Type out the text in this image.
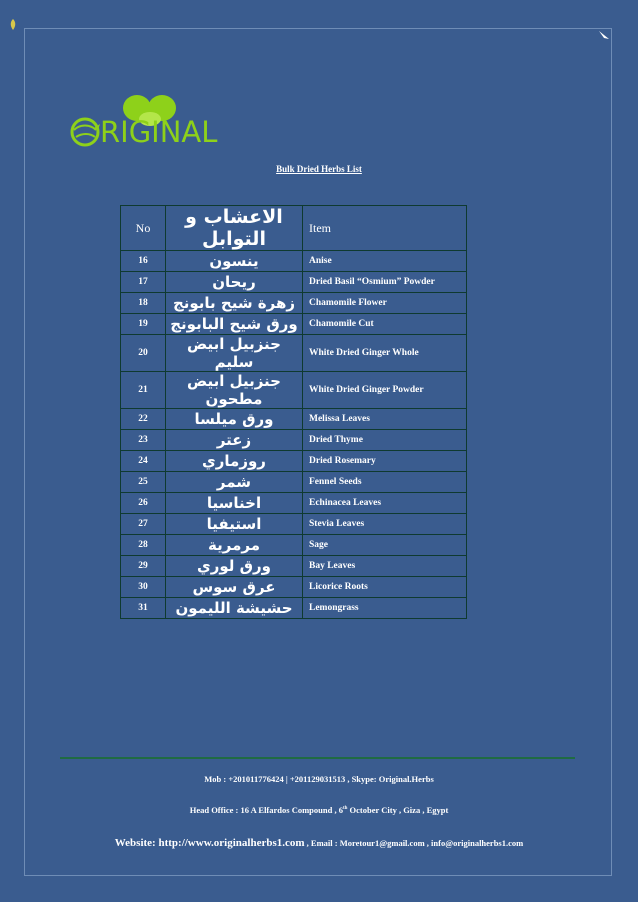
RIGINAL
Bulk Dried Herbs List
No	الاعشاب و التوابل	Item
16	ينسون	Anise
17	ريحان	Dried Basil “Osmium” Powder
18	زهرة شيح بابونج	Chamomile Flower
19	ورق شيح البابونج	Chamomile Cut
20	جنزبيل ابيض سليم	White Dried Ginger Whole
21	جنزبيل ابيض مطحون	White Dried Ginger Powder
22	ورق ميلسا	Melissa Leaves
23	زعتر	Dried Thyme
24	روزماري	Dried Rosemary
25	شمر	Fennel Seeds
26	اخناسيا	Echinacea Leaves
27	استيفيا	Stevia Leaves
28	مرمرية	Sage
29	ورق لوري	Bay Leaves
30	عرق سوس	Licorice Roots
31	حشيشة الليمون	Lemongrass
Mob : +201011776424 | +201129031513 , Skype: Original.Herbs
Head Office : 16 A Elfardos Compound , 6th October City , Giza , Egypt
Website: http://www.originalherbs1.com , Email : Moretour1@gmail.com , info@originalherbs1.com
